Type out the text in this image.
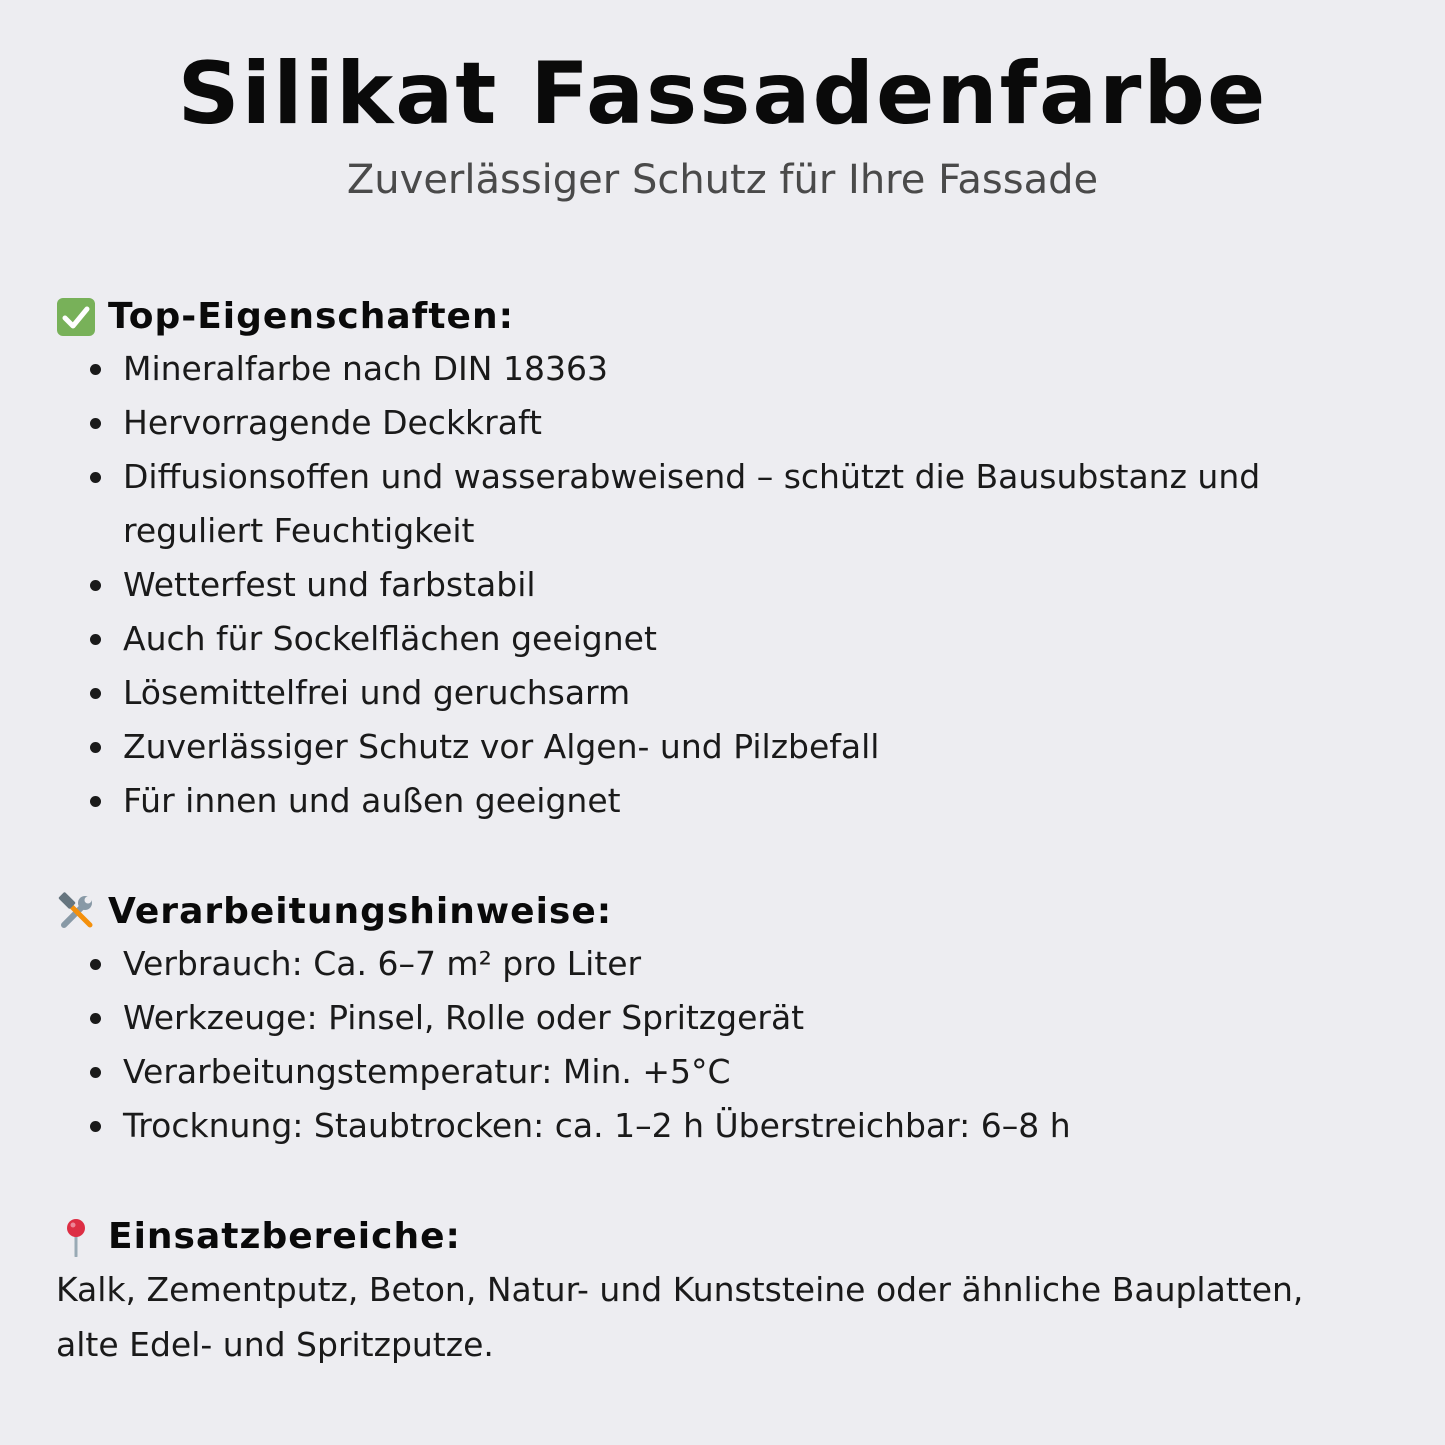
Silikat Fassadenfarbe

Zuverlässiger Schutz für Ihre Fassade

Top-Eigenschaften:
Mineralfarbe nach DIN 18363
Hervorragende Deckkraft
Diffusionsoffen und wasserabweisend – schützt die Bausubstanz und reguliert Feuchtigkeit
Wetterfest und farbstabil
Auch für Sockelflächen geeignet
Lösemittelfrei und geruchsarm
Zuverlässiger Schutz vor Algen- und Pilzbefall
Für innen und außen geeignet
Verarbeitungshinweise:
Verbrauch: Ca. 6–7 m² pro Liter
Werkzeuge: Pinsel, Rolle oder Spritzgerät
Verarbeitungstemperatur: Min. +5°C
Trocknung: Staubtrocken: ca. 1–2 h Überstreichbar: 6–8 h
Einsatzbereiche:

Kalk, Zementputz, Beton, Natur- und Kunststeine oder ähnliche Bauplatten, alte Edel- und Spritzputze.
